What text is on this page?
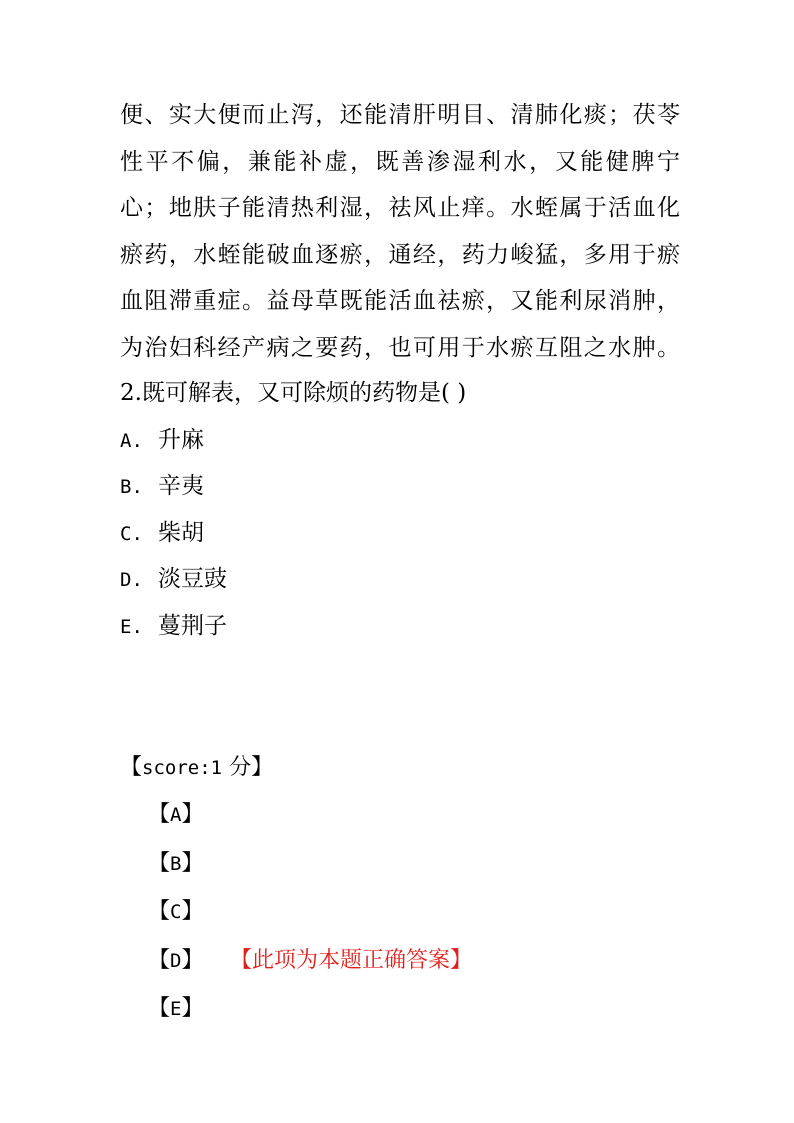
便、实大便而止泻，还能清肝明目、清肺化痰；茯苓
性平不偏，兼能补虚，既善渗湿利水，又能健脾宁
心；地肤子能清热利湿，祛风止痒。水蛭属于活血化
瘀药，水蛭能破血逐瘀，通经，药力峻猛，多用于瘀
血阻滞重症。益母草既能活血祛瘀，又能利尿消肿，
为治妇科经产病之要药，也可用于水瘀互阻之水肿。
2.既可解表，又可除烦的药物是( )
A. 升麻
B. 辛夷
C. 柴胡
D. 淡豆豉
E. 蔓荆子
【score:1 分】
【A】
【B】
【C】
【D】 【此项为本题正确答案】
【E】
